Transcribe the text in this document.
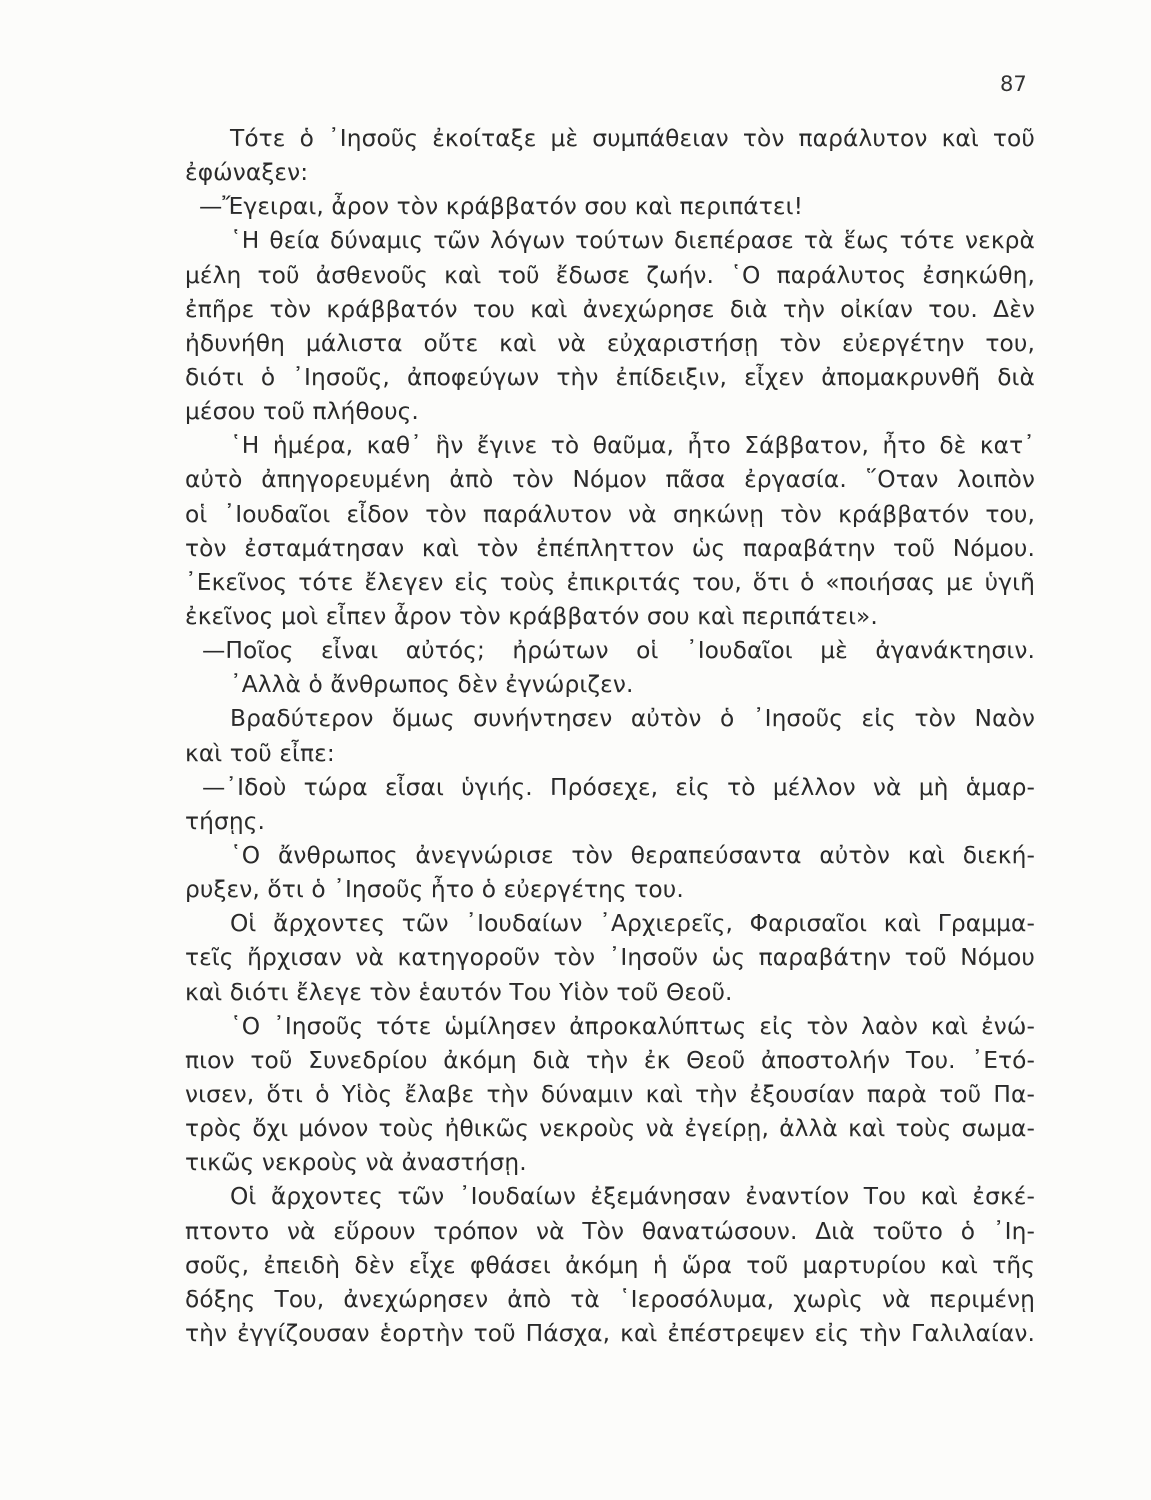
87
Τότε ὁ ᾿Ιησοῦς ἐκοίταξε μὲ συμπάθειαν τὸν παράλυτον καὶ τοῦ
ἐφώναξεν:
—Ἔγειραι, ἆρον τὸν κράββατόν σου καὶ περιπάτει!
῾Η θεία δύναμις τῶν λόγων τούτων διεπέρασε τὰ ἕως τότε νεκρὰ
μέλη τοῦ ἀσθενοῦς καὶ τοῦ ἔδωσε ζωήν. ῾Ο παράλυτος ἐσηκώθη,
ἐπῆρε τὸν κράββατόν του καὶ ἀνεχώρησε διὰ τὴν οἰκίαν του. Δὲν
ἠδυνήθη μάλιστα οὔτε καὶ νὰ εὐχαριστήσῃ τὸν εὐεργέτην του,
διότι ὁ ᾿Ιησοῦς, ἀποφεύγων τὴν ἐπίδειξιν, εἶχεν ἀπομακρυνθῆ διὰ
μέσου τοῦ πλήθους.
῾Η ἡμέρα, καθ᾿ ἣν ἔγινε τὸ θαῦμα, ἦτο Σάββατον, ἦτο δὲ κατ᾿
αὐτὸ ἀπηγορευμένη ἀπὸ τὸν Νόμον πᾶσα ἐργασία. ῞Οταν λοιπὸν
οἱ ᾿Ιουδαῖοι εἶδον τὸν παράλυτον νὰ σηκώνῃ τὸν κράββατόν του,
τὸν ἐσταμάτησαν καὶ τὸν ἐπέπληττον ὡς παραβάτην τοῦ Νόμου.
᾿Εκεῖνος τότε ἔλεγεν εἰς τοὺς ἐπικριτάς του, ὅτι ὁ «ποιήσας με ὑγιῆ
ἐκεῖνος μοὶ εἶπεν ἆρον τὸν κράββατόν σου καὶ περιπάτει».
—Ποῖος εἶναι αὐτός; ἠρώτων οἱ ᾿Ιουδαῖοι μὲ ἀγανάκτησιν.
᾿Αλλὰ ὁ ἄνθρωπος δὲν ἐγνώριζεν.
Βραδύτερον ὅμως συνήντησεν αὐτὸν ὁ ᾿Ιησοῦς εἰς τὸν Ναὸν
καὶ τοῦ εἶπε:
—᾿Ιδοὺ τώρα εἶσαι ὑγιής. Πρόσεχε, εἰς τὸ μέλλον νὰ μὴ ἁμαρ-
τήσῃς.
῾Ο ἄνθρωπος ἀνεγνώρισε τὸν θεραπεύσαντα αὐτὸν καὶ διεκή-
ρυξεν, ὅτι ὁ ᾿Ιησοῦς ἦτο ὁ εὐεργέτης του.
Οἱ ἄρχοντες τῶν ᾿Ιουδαίων ᾿Αρχιερεῖς, Φαρισαῖοι καὶ Γραμμα-
τεῖς ἤρχισαν νὰ κατηγοροῦν τὸν ᾿Ιησοῦν ὡς παραβάτην τοῦ Νόμου
καὶ διότι ἔλεγε τὸν ἑαυτόν Του Υἱὸν τοῦ Θεοῦ.
῾Ο ᾿Ιησοῦς τότε ὡμίλησεν ἀπροκαλύπτως εἰς τὸν λαὸν καὶ ἐνώ-
πιον τοῦ Συνεδρίου ἀκόμη διὰ τὴν ἐκ Θεοῦ ἀποστολήν Του. ᾿Ετό-
νισεν, ὅτι ὁ Υἱὸς ἔλαβε τὴν δύναμιν καὶ τὴν ἐξουσίαν παρὰ τοῦ Πα-
τρὸς ὄχι μόνον τοὺς ἠθικῶς νεκροὺς νὰ ἐγείρῃ, ἀλλὰ καὶ τοὺς σωμα-
τικῶς νεκροὺς νὰ ἀναστήσῃ.
Οἱ ἄρχοντες τῶν ᾿Ιουδαίων ἐξεμάνησαν ἐναντίον Του καὶ ἐσκέ-
πτοντο νὰ εὕρουν τρόπον νὰ Τὸν θανατώσουν. Διὰ τοῦτο ὁ ᾿Ιη-
σοῦς, ἐπειδὴ δὲν εἶχε φθάσει ἀκόμη ἡ ὥρα τοῦ μαρτυρίου καὶ τῆς
δόξης Του, ἀνεχώρησεν ἀπὸ τὰ ῾Ιεροσόλυμα, χωρὶς νὰ περιμένῃ
τὴν ἐγγίζουσαν ἑορτὴν τοῦ Πάσχα, καὶ ἐπέστρεψεν εἰς τὴν Γαλιλαίαν.
